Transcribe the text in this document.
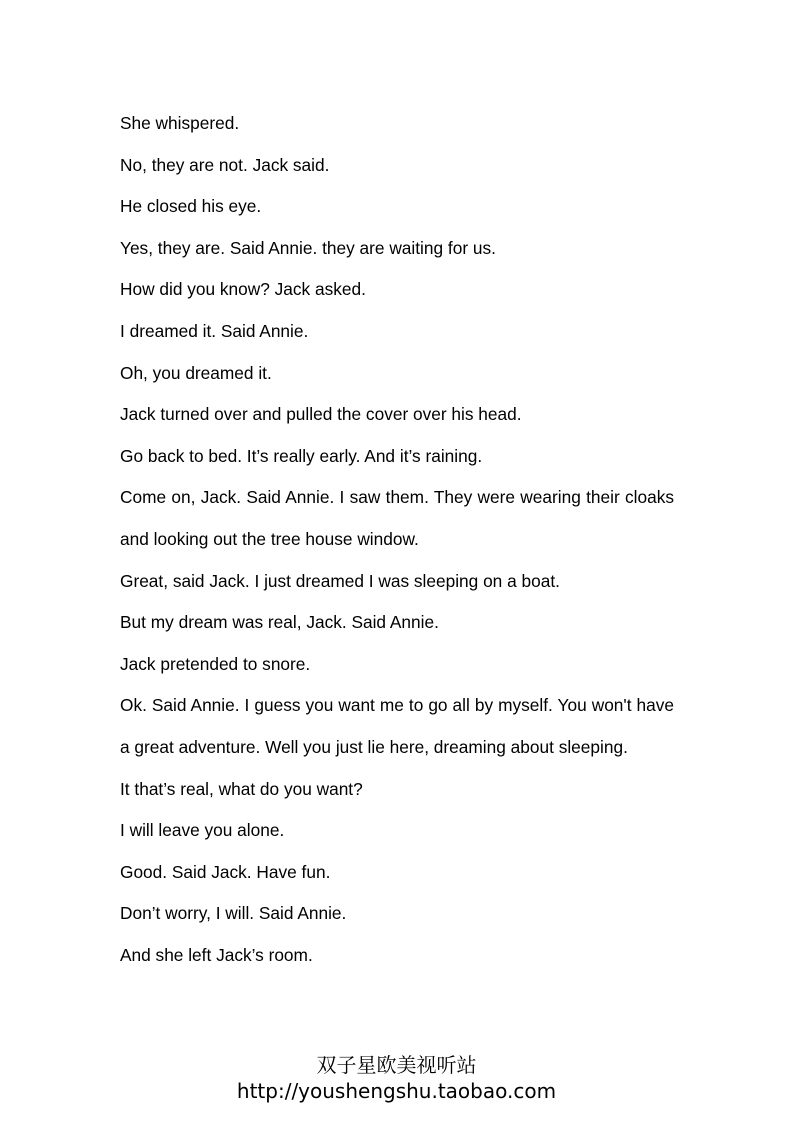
She whispered.

No, they are not. Jack said.

He closed his eye.

Yes, they are. Said Annie. they are waiting for us.

How did you know? Jack asked.

I dreamed it. Said Annie.

Oh, you dreamed it.

Jack turned over and pulled the cover over his head.

Go back to bed. It’s really early. And it’s raining.

Come on, Jack. Said Annie. I saw them. They were wearing their cloaks and looking out the tree house window.

Great, said Jack. I just dreamed I was sleeping on a boat.

But my dream was real, Jack. Said Annie.

Jack pretended to snore.

Ok. Said Annie. I guess you want me to go all by myself. You won't have a great adventure. Well you just lie here, dreaming about sleeping.

It that’s real, what do you want?

I will leave you alone.

Good. Said Jack. Have fun.

Don’t worry, I will. Said Annie.

And she left Jack’s room.

双子星欧美视听站
http://youshengshu.taobao.com
